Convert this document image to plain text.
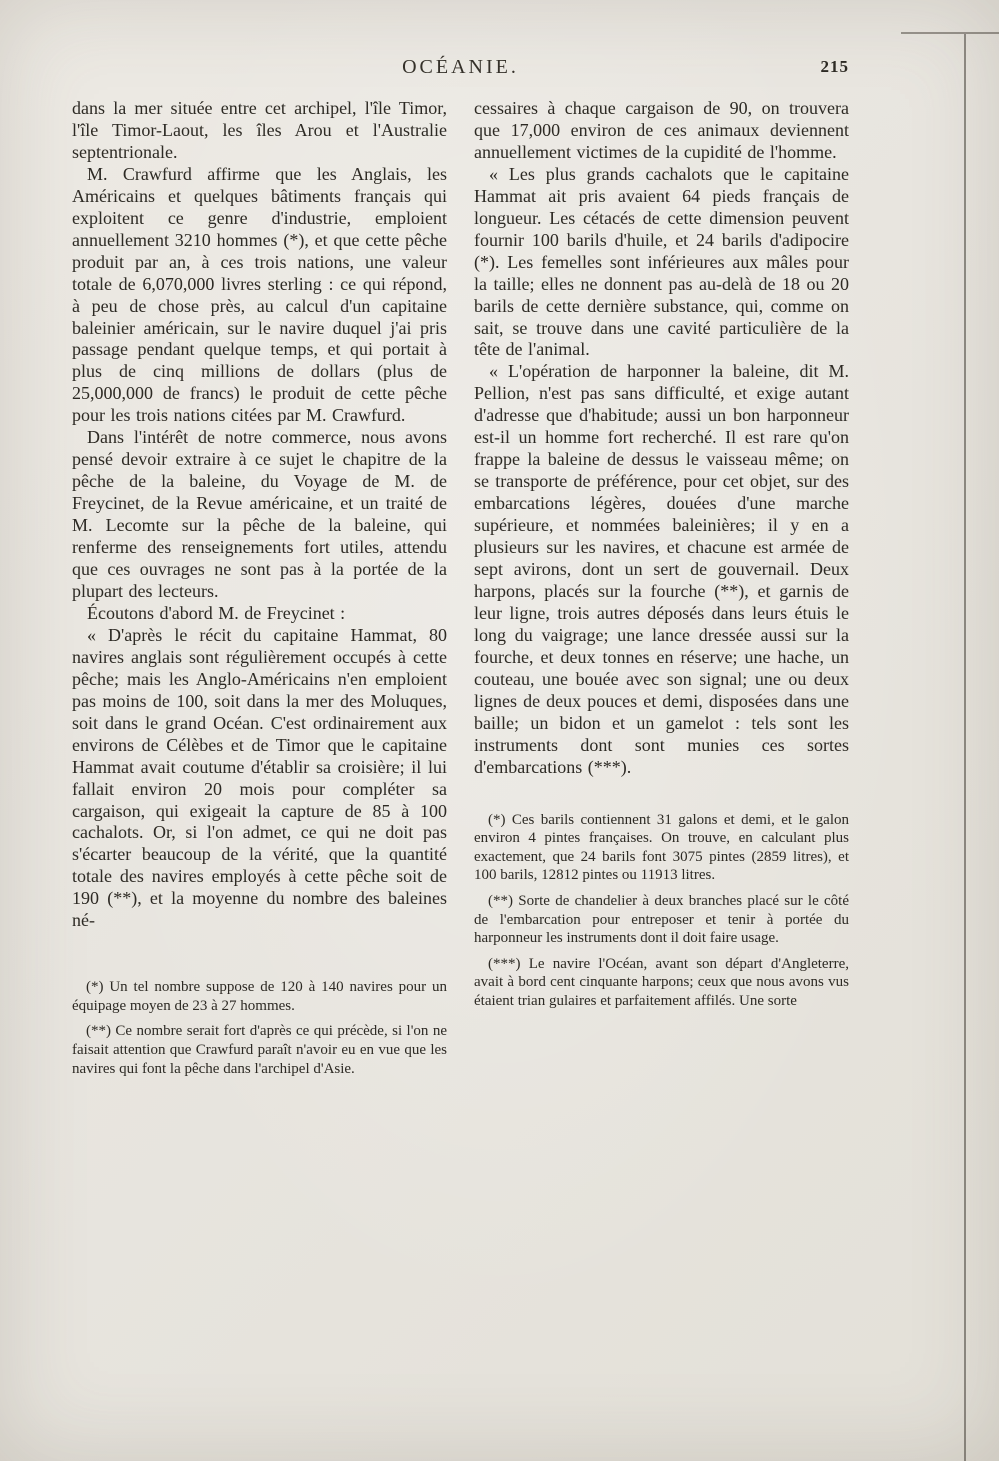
OCÉANIE.	215

dans la mer située entre cet archipel, l'île Timor, l'île Timor-Laout, les îles Arou et l'Australie septentrionale.

M. Crawfurd affirme que les Anglais, les Américains et quelques bâtiments français qui exploitent ce genre d'industrie, emploient annuellement 3210 hommes (*), et que cette pêche produit par an, à ces trois nations, une valeur totale de 6,070,000 livres sterling : ce qui répond, à peu de chose près, au calcul d'un capitaine baleinier américain, sur le navire duquel j'ai pris passage pendant quelque temps, et qui portait à plus de cinq millions de dollars (plus de 25,000,000 de francs) le produit de cette pêche pour les trois nations citées par M. Crawfurd.

Dans l'intérêt de notre commerce, nous avons pensé devoir extraire à ce sujet le chapitre de la pêche de la baleine, du Voyage de M. de Freycinet, de la Revue américaine, et un traité de M. Lecomte sur la pêche de la baleine, qui renferme des renseignements fort utiles, attendu que ces ouvrages ne sont pas à la portée de la plupart des lecteurs.

Écoutons d'abord M. de Freycinet :

« D'après le récit du capitaine Hammat, 80 navires anglais sont régulièrement occupés à cette pêche; mais les Anglo-Américains n'en emploient pas moins de 100, soit dans la mer des Moluques, soit dans le grand Océan. C'est ordinairement aux environs de Célèbes et de Timor que le capitaine Hammat avait coutume d'établir sa croisière; il lui fallait environ 20 mois pour compléter sa cargaison, qui exigeait la capture de 85 à 100 cachalots. Or, si l'on admet, ce qui ne doit pas s'écarter beaucoup de la vérité, que la quantité totale des navires employés à cette pêche soit de 190 (**), et la moyenne du nombre des baleines né-

(*) Un tel nombre suppose de 120 à 140 navires pour un équipage moyen de 23 à 27 hommes.

(**) Ce nombre serait fort d'après ce qui précède, si l'on ne faisait attention que Crawfurd paraît n'avoir eu en vue que les navires qui font la pêche dans l'archipel d'Asie.

cessaires à chaque cargaison de 90, on trouvera que 17,000 environ de ces animaux deviennent annuellement victimes de la cupidité de l'homme.

« Les plus grands cachalots que le capitaine Hammat ait pris avaient 64 pieds français de longueur. Les cétacés de cette dimension peuvent fournir 100 barils d'huile, et 24 barils d'adipocire (*). Les femelles sont inférieures aux mâles pour la taille; elles ne donnent pas au-delà de 18 ou 20 barils de cette dernière substance, qui, comme on sait, se trouve dans une cavité particulière de la tête de l'animal.

« L'opération de harponner la baleine, dit M. Pellion, n'est pas sans difficulté, et exige autant d'adresse que d'habitude; aussi un bon harponneur est-il un homme fort recherché. Il est rare qu'on frappe la baleine de dessus le vaisseau même; on se transporte de préférence, pour cet objet, sur des embarcations légères, douées d'une marche supérieure, et nommées baleinières; il y en a plusieurs sur les navires, et chacune est armée de sept avirons, dont un sert de gouvernail. Deux harpons, placés sur la fourche (**), et garnis de leur ligne, trois autres déposés dans leurs étuis le long du vaigrage; une lance dressée aussi sur la fourche, et deux tonnes en réserve; une hache, un couteau, une bouée avec son signal; une ou deux lignes de deux pouces et demi, disposées dans une baille; un bidon et un gamelot : tels sont les instruments dont sont munies ces sortes d'embarcations (***).

(*) Ces barils contiennent 31 galons et demi, et le galon environ 4 pintes françaises. On trouve, en calculant plus exactement, que 24 barils font 3075 pintes (2859 litres), et 100 barils, 12812 pintes ou 11913 litres.

(**) Sorte de chandelier à deux branches placé sur le côté de l'embarcation pour entreposer et tenir à portée du harponneur les instruments dont il doit faire usage.

(***) Le navire l'Océan, avant son départ d'Angleterre, avait à bord cent cinquante harpons; ceux que nous avons vus étaient trian gulaires et parfaitement affilés. Une sorte
